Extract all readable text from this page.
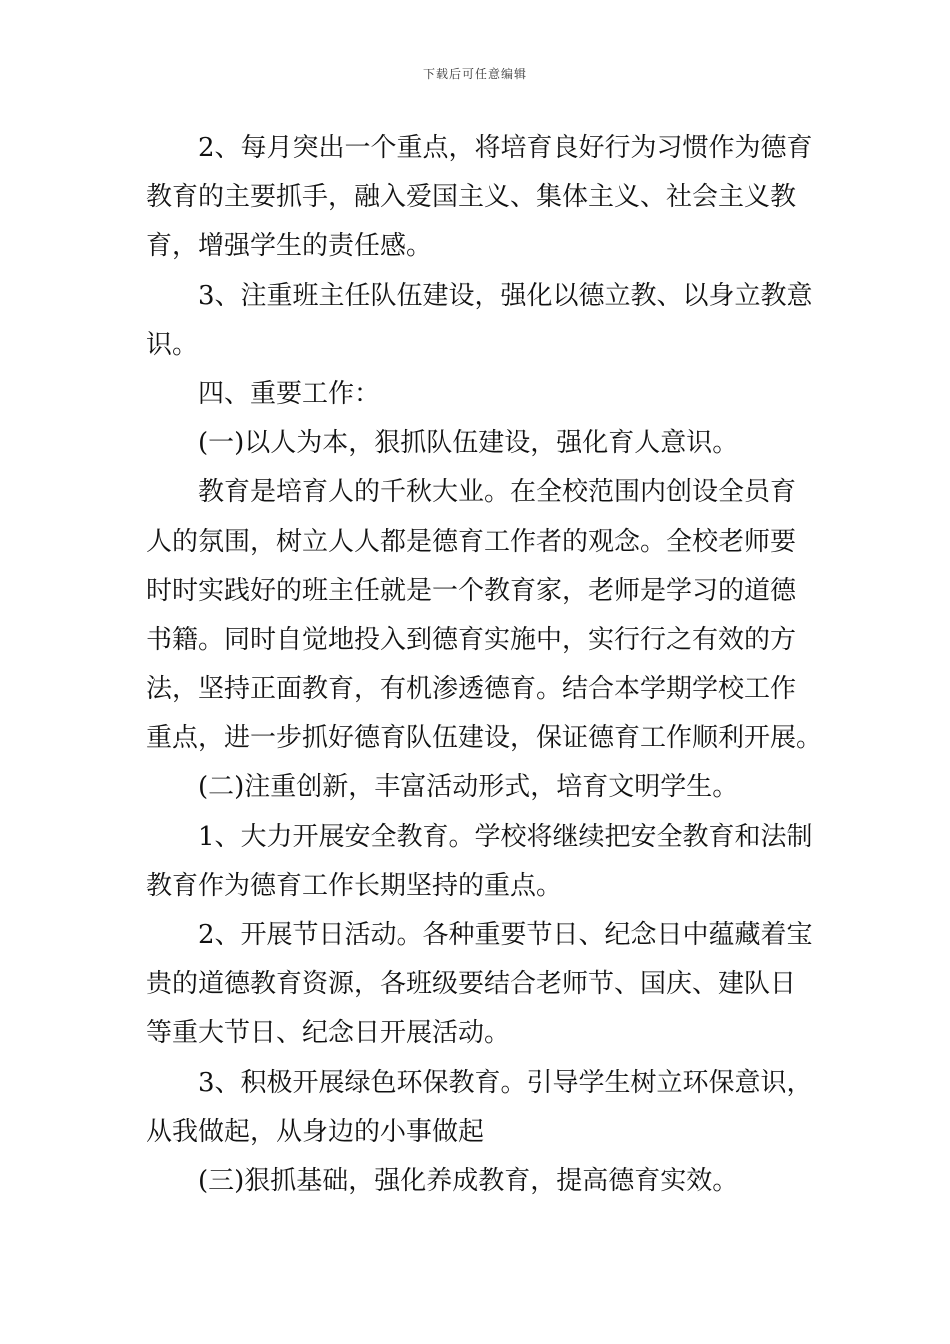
下载后可任意编辑
2、每月突出一个重点，将培育良好行为习惯作为德育
教育的主要抓手，融入爱国主义、集体主义、社会主义教
育，增强学生的责任感。
3、注重班主任队伍建设，强化以德立教、以身立教意
识。
四、重要工作：
(一)以人为本，狠抓队伍建设，强化育人意识。
教育是培育人的千秋大业。在全校范围内创设全员育
人的氛围，树立人人都是德育工作者的观念。全校老师要
时时实践好的班主任就是一个教育家，老师是学习的道德
书籍。同时自觉地投入到德育实施中，实行行之有效的方
法，坚持正面教育，有机渗透德育。结合本学期学校工作
重点，进一步抓好德育队伍建设，保证德育工作顺利开展。
(二)注重创新，丰富活动形式，培育文明学生。
1、大力开展安全教育。学校将继续把安全教育和法制
教育作为德育工作长期坚持的重点。
2、开展节日活动。各种重要节日、纪念日中蕴藏着宝
贵的道德教育资源，各班级要结合老师节、国庆、建队日
等重大节日、纪念日开展活动。
3、积极开展绿色环保教育。引导学生树立环保意识，
从我做起，从身边的小事做起
(三)狠抓基础，强化养成教育，提高德育实效。
